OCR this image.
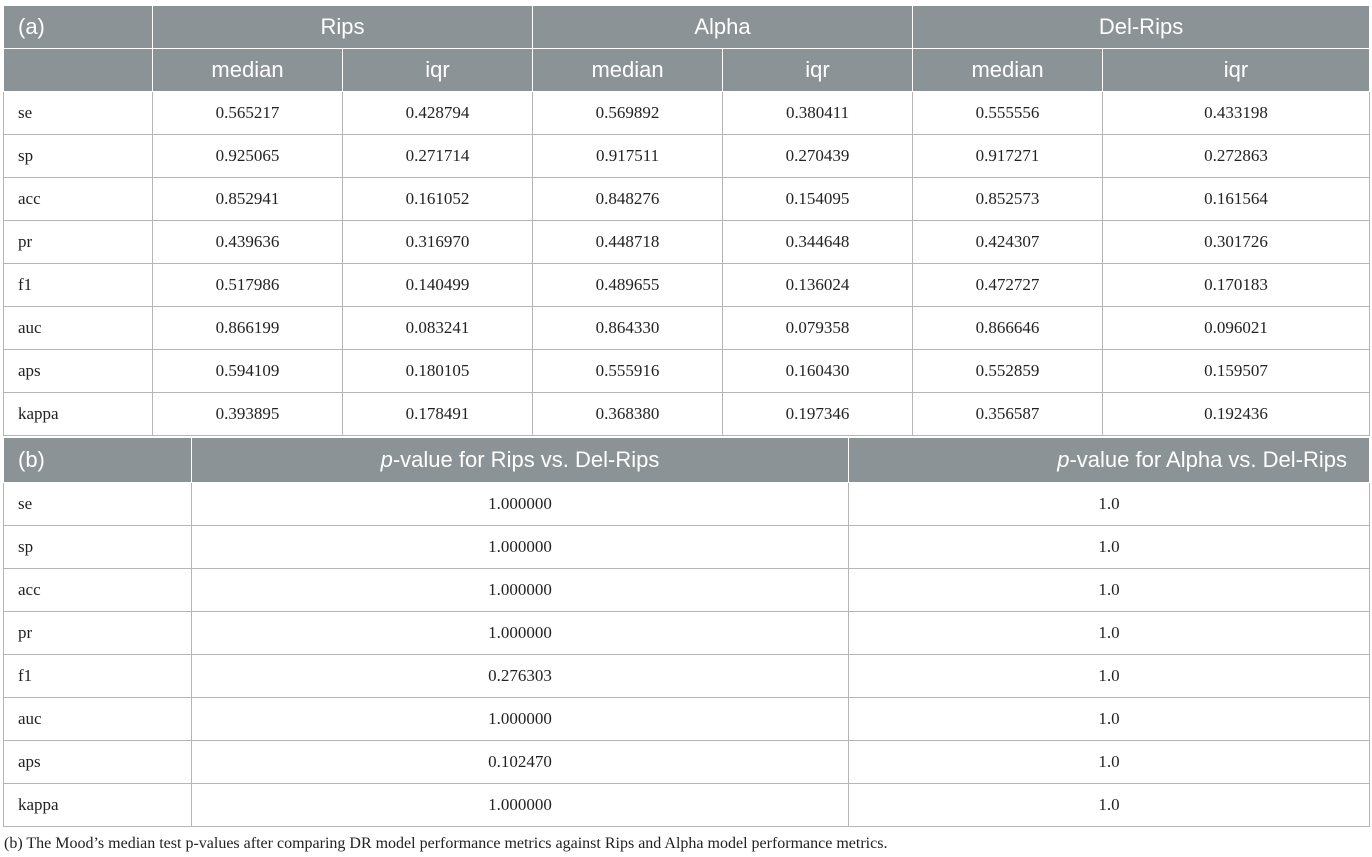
(a)	Rips		Alpha		Del-Rips	
	median	iqr	median	iqr	median	iqr
se	0.565217	0.428794	0.569892	0.380411	0.555556	0.433198
sp	0.925065	0.271714	0.917511	0.270439	0.917271	0.272863
acc	0.852941	0.161052	0.848276	0.154095	0.852573	0.161564
pr	0.439636	0.316970	0.448718	0.344648	0.424307	0.301726
f1	0.517986	0.140499	0.489655	0.136024	0.472727	0.170183
auc	0.866199	0.083241	0.864330	0.079358	0.866646	0.096021
aps	0.594109	0.180105	0.555916	0.160430	0.552859	0.159507
kappa	0.393895	0.178491	0.368380	0.197346	0.356587	0.192436
(b)	p-value for Rips vs. Del-Rips	p-value for Alpha vs. Del-Rips
se	1.000000	1.0
sp	1.000000	1.0
acc	1.000000	1.0
pr	1.000000	1.0
f1	0.276303	1.0
auc	1.000000	1.0
aps	0.102470	1.0
kappa	1.000000	1.0
(b) The Mood’s median test p-values after comparing DR model performance metrics against Rips and Alpha model performance metrics.
